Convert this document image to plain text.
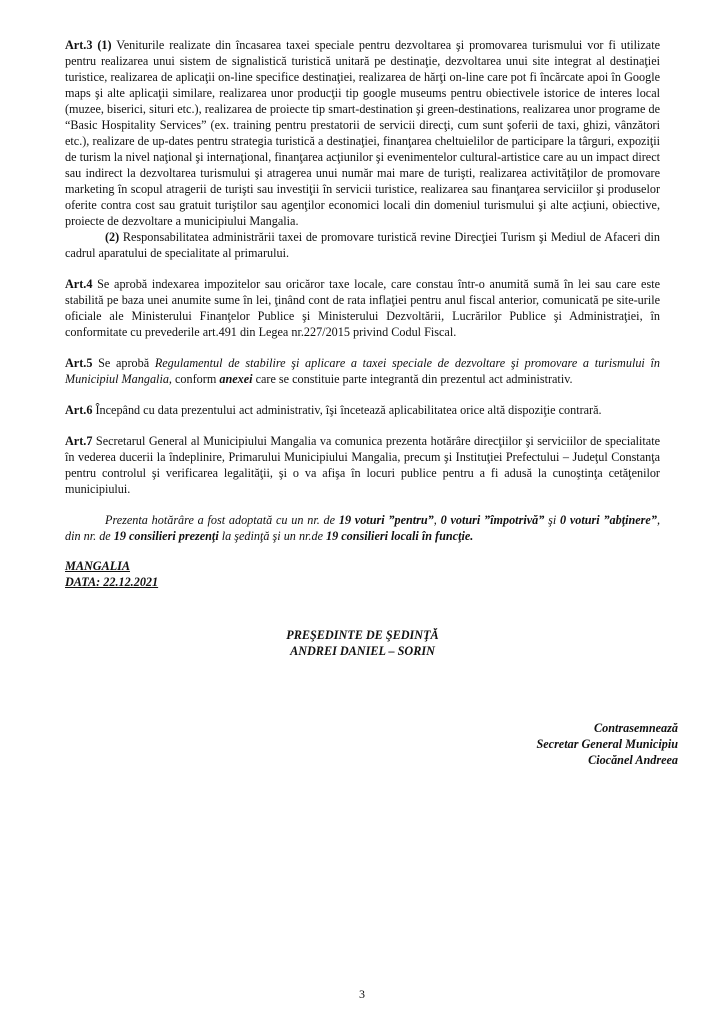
Art.3 (1) Veniturile realizate din încasarea taxei speciale pentru dezvoltarea şi promovarea turismului vor fi utilizate pentru realizarea unui sistem de signalistică turistică unitară pe destinaţie, dezvoltarea unui site integrat al destinaţiei turistice, realizarea de aplicaţii on-line specifice destinaţiei, realizarea de hărţi on-line care pot fi încărcate apoi în Google maps şi alte aplicaţii similare, realizarea unor producţii tip google museums pentru obiectivele istorice de interes local (muzee, biserici, situri etc.), realizarea de proiecte tip smart-destination şi green-destinations, realizarea unor programe de “Basic Hospitality Services” (ex. training pentru prestatorii de servicii direcţi, cum sunt şoferii de taxi, ghizi, vânzători etc.), realizare de up-dates pentru strategia turistică a destinaţiei, finanţarea cheltuielilor de participare la târguri, expoziţii de turism la nivel naţional şi internaţional, finanţarea acţiunilor şi evenimentelor cultural-artistice care au un impact direct sau indirect la dezvoltarea turismului şi atragerea unui număr mai mare de turişti, realizarea activităţilor de promovare marketing în scopul atragerii de turişti sau investiţii în servicii turistice, realizarea sau finanţarea serviciilor şi produselor oferite contra cost sau gratuit turiştilor sau agenţilor economici locali din domeniul turismului şi alte acţiuni, obiective, proiecte de dezvoltare a municipiului Mangalia.

(2) Responsabilitatea administrării taxei de promovare turistică revine Direcţiei Turism şi Mediul de Afaceri din cadrul aparatului de specialitate al primarului.

Art.4 Se aprobă indexarea impozitelor sau oricăror taxe locale, care constau într-o anumită sumă în lei sau care este stabilită pe baza unei anumite sume în lei, ţinând cont de rata inflaţiei pentru anul fiscal anterior, comunicată pe site-urile oficiale ale Ministerului Finanţelor Publice şi Ministerului Dezvoltării, Lucrărilor Publice şi Administraţiei, în conformitate cu prevederile art.491 din Legea nr.227/2015 privind Codul Fiscal.

Art.5 Se aprobă Regulamentul de stabilire şi aplicare a taxei speciale de dezvoltare şi promovare a turismului în Municipiul Mangalia, conform anexei care se constituie parte integrantă din prezentul act administrativ.

Art.6 Începând cu data prezentului act administrativ, îşi încetează aplicabilitatea orice altă dispoziţie contrară.

Art.7 Secretarul General al Municipiului Mangalia va comunica prezenta hotărâre direcţiilor şi serviciilor de specialitate în vederea ducerii la îndeplinire, Primarului Municipiului Mangalia, precum şi Instituţiei Prefectului – Judeţul Constanţa pentru controlul şi verificarea legalităţii, şi o va afişa în locuri publice pentru a fi adusă la cunoştinţa cetăţenilor municipiului.

Prezenta hotărâre a fost adoptată cu un nr. de 19 voturi ”pentru”, 0 voturi ”împotrivă” şi 0 voturi ”abţinere”, din nr. de 19 consilieri prezenţi la şedinţă şi un nr.de 19 consilieri locali în funcţie.

MANGALIA
DATA: 22.12.2021
PREŞEDINTE DE ŞEDINŢĂ
ANDREI DANIEL – SORIN
Contrasemnează
Secretar General Municipiu
Ciocănel Andreea
3
